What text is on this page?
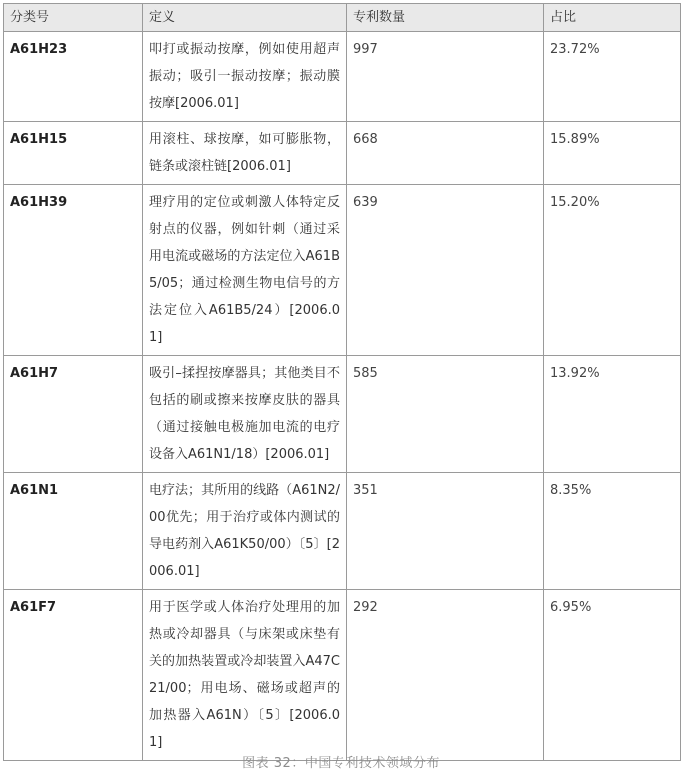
分类号	定义	专利数量	占比
A61H23	叩打或振动按摩，例如使用超声振动；吸引一振动按摩；振动膜按摩[2006.01]	997	23.72%
A61H15	用滚柱、球按摩，如可膨胀物，链条或滚柱链[2006.01]	668	15.89%
A61H39	理疗用的定位或刺激人体特定反射点的仪器，例如针刺（通过采用电流或磁场的方法定位入A61B5/05；通过检测生物电信号的方法定位入A61B5/24）[2006.01]	639	15.20%
A61H7	吸引–揉捏按摩器具；其他类目不包括的刷或擦来按摩皮肤的器具（通过接触电极施加电流的电疗设备入A61N1/18）[2006.01]	585	13.92%
A61N1	电疗法；其所用的线路（A61N2/00优先；用于治疗或体内测试的导电药剂入A61K50/00）〔5〕[2006.01]	351	8.35%
A61F7	用于医学或人体治疗处理用的加热或冷却器具（与床架或床垫有关的加热装置或冷却装置入A47C21/00；用电场、磁场或超声的加热器入A61N）〔5〕[2006.01]	292	6.95%
图表 32：中国专利技术领域分布
